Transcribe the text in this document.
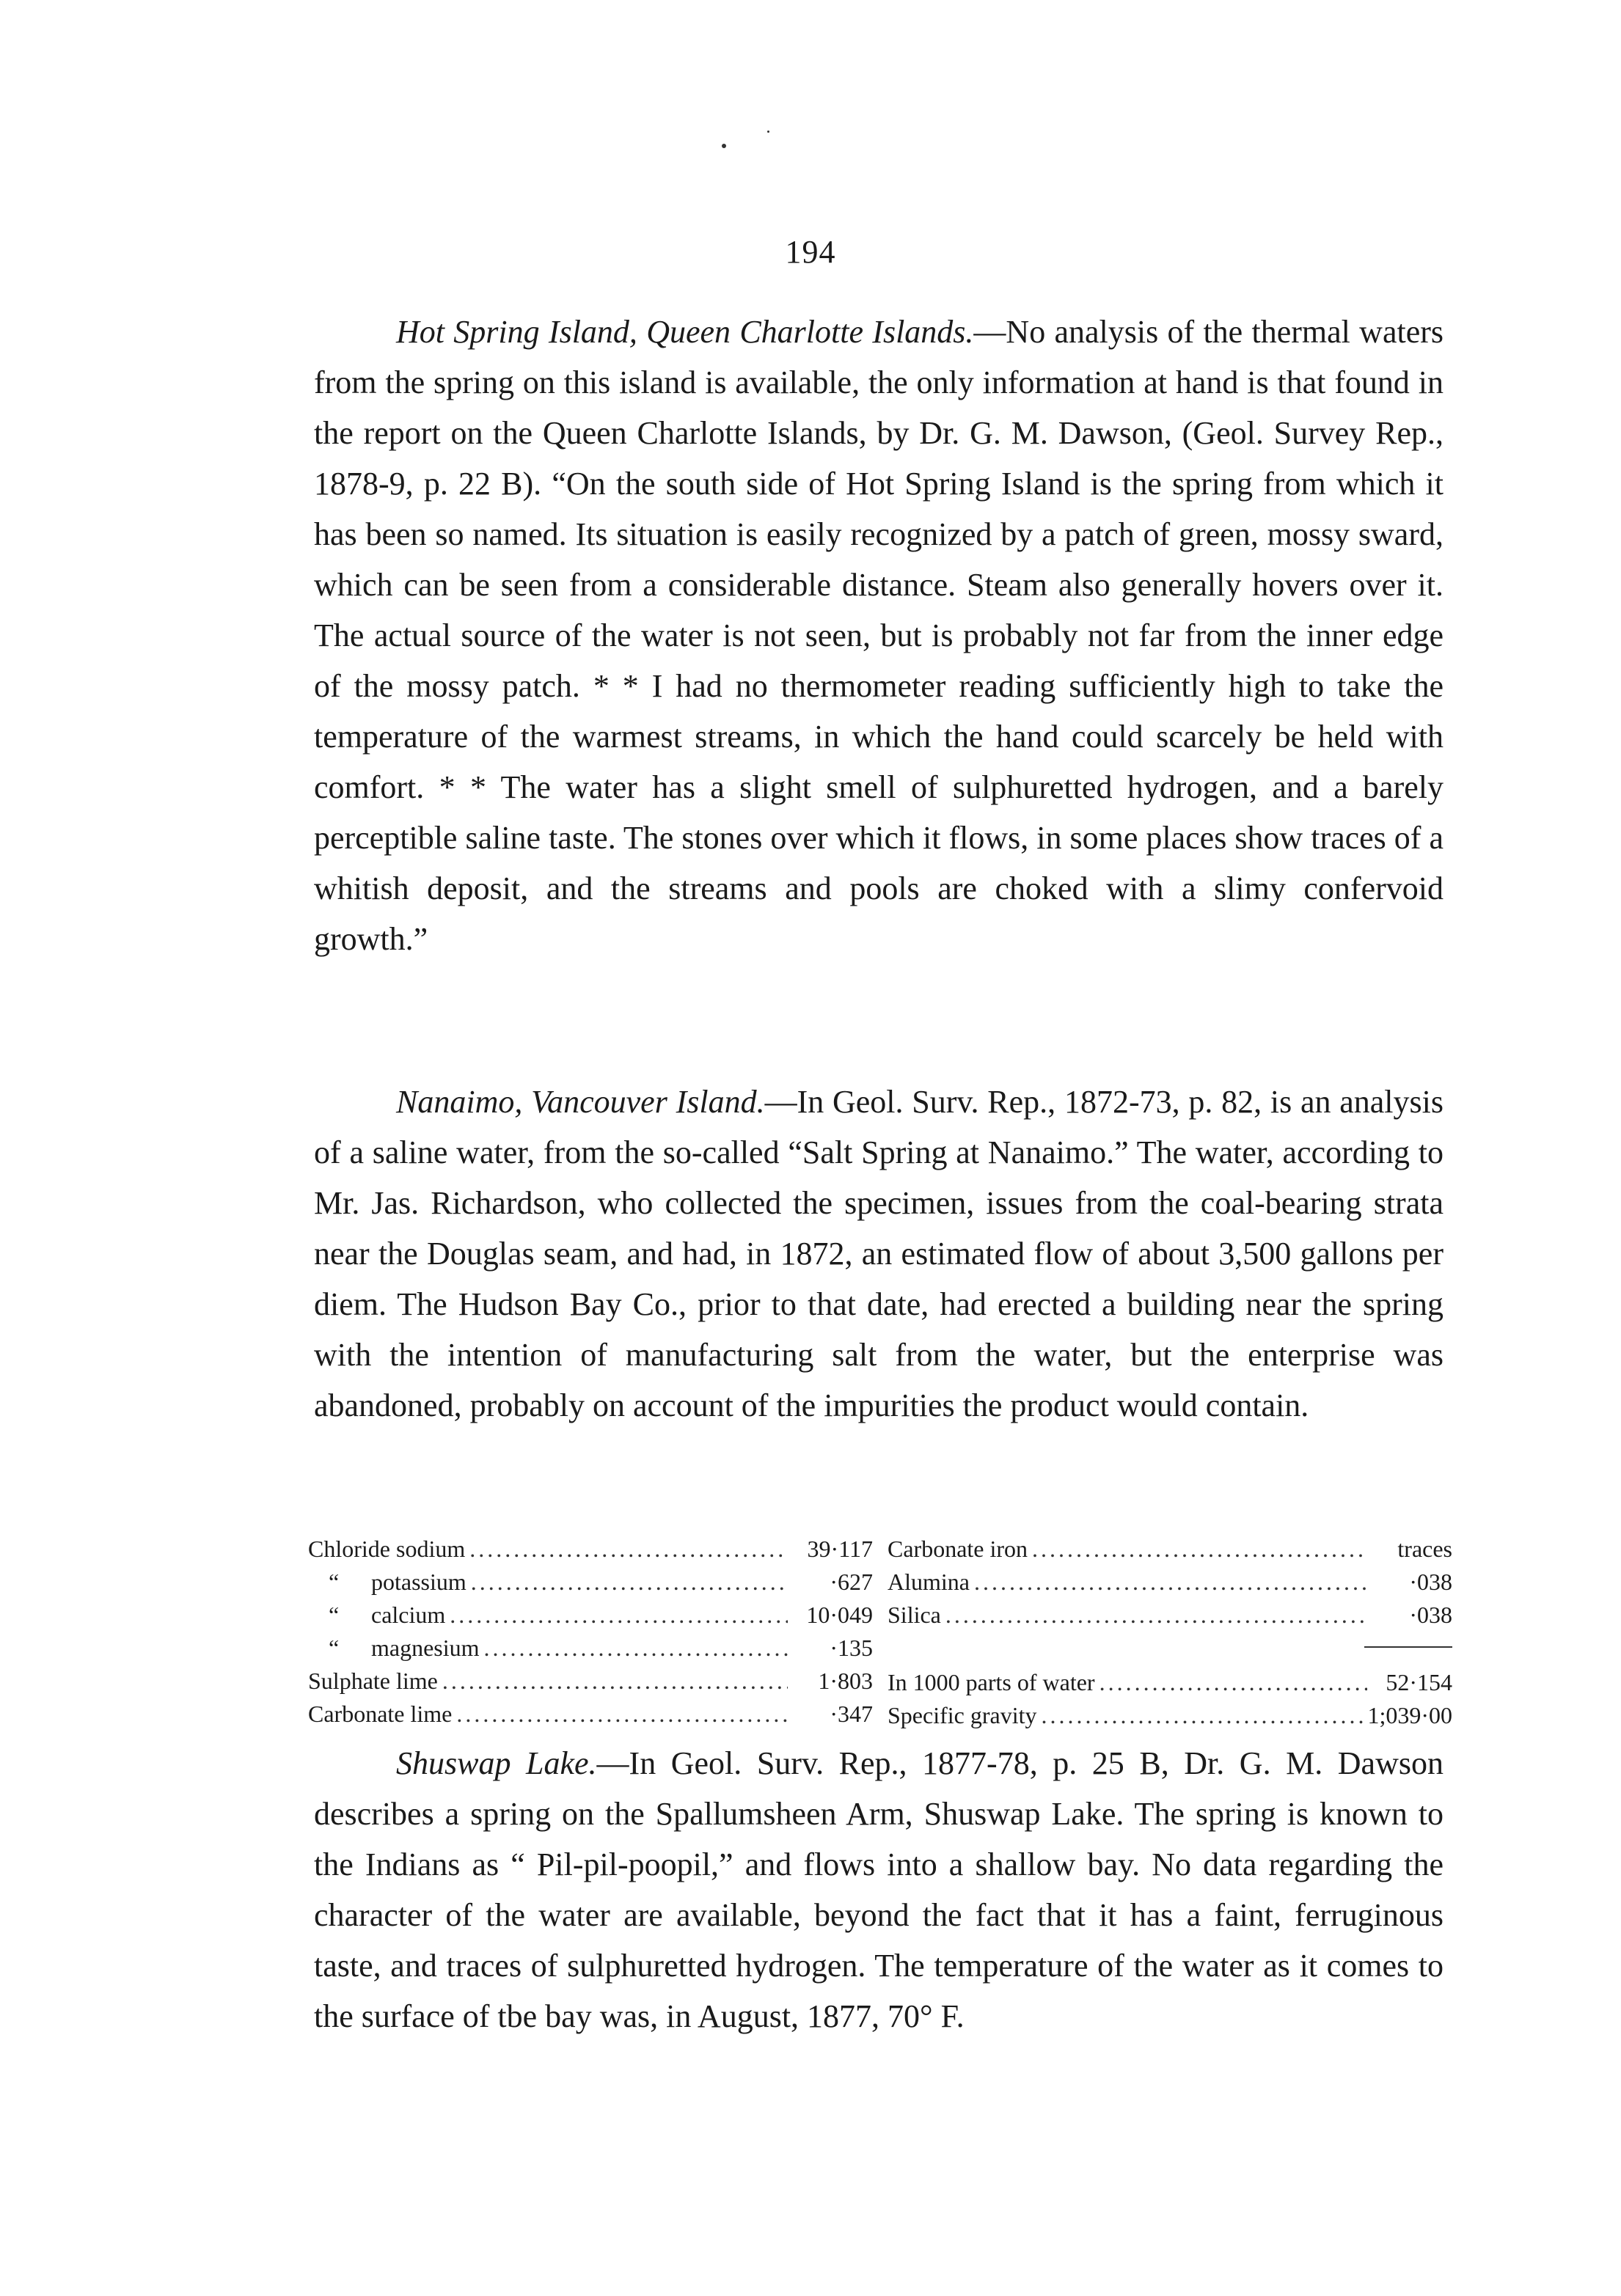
194

Hot Spring Island, Queen Charlotte Islands.—No analysis of the thermal waters from the spring on this island is available, the only information at hand is that found in the report on the Queen Charlotte Islands, by Dr. G. M. Dawson, (Geol. Survey Rep., 1878-9, p. 22 B). “On the south side of Hot Spring Island is the spring from which it has been so named. Its situation is easily recognized by a patch of green, mossy sward, which can be seen from a considerable distance. Steam also generally hovers over it. The actual source of the water is not seen, but is probably not far from the inner edge of the mossy patch. * * I had no thermometer reading sufficiently high to take the temperature of the warmest streams, in which the hand could scarcely be held with comfort. * * The water has a slight smell of sulphuretted hydrogen, and a barely perceptible saline taste. The stones over which it flows, in some places show traces of a whitish deposit, and the streams and pools are choked with a slimy confervoid growth.”

Nanaimo, Vancouver Island.—In Geol. Surv. Rep., 1872-73, p. 82, is an analysis of a saline water, from the so-called “Salt Spring at Nanaimo.” The water, according to Mr. Jas. Richardson, who collected the specimen, issues from the coal-bearing strata near the Douglas seam, and had, in 1872, an estimated flow of about 3,500 gallons per diem. The Hudson Bay Co., prior to that date, had erected a building near the spring with the intention of manufacturing salt from the water, but the enterprise was abandoned, probably on account of the impurities the product would contain.

Chloride sodium .....	39·117
“ potassium .....	·627
“ calcium .....	10·049
“ magnesium .....	·135
Sulphate lime .....	1·803
Carbonate lime .....	·347
Carbonate iron .....	traces
Alumina .....	·038
Silica .....	·038
In 1000 parts of water .....	52·154
Specific gravity .....	1;039·00

Shuswap Lake.—In Geol. Surv. Rep., 1877-78, p. 25 B, Dr. G. M. Dawson describes a spring on the Spallumsheen Arm, Shuswap Lake. The spring is known to the Indians as “ Pil-pil-poopil,” and flows into a shallow bay. No data regarding the character of the water are available, beyond the fact that it has a faint, ferruginous taste, and traces of sulphuretted hydrogen. The temperature of the water as it comes to the surface of tbe bay was, in August, 1877, 70° F.
